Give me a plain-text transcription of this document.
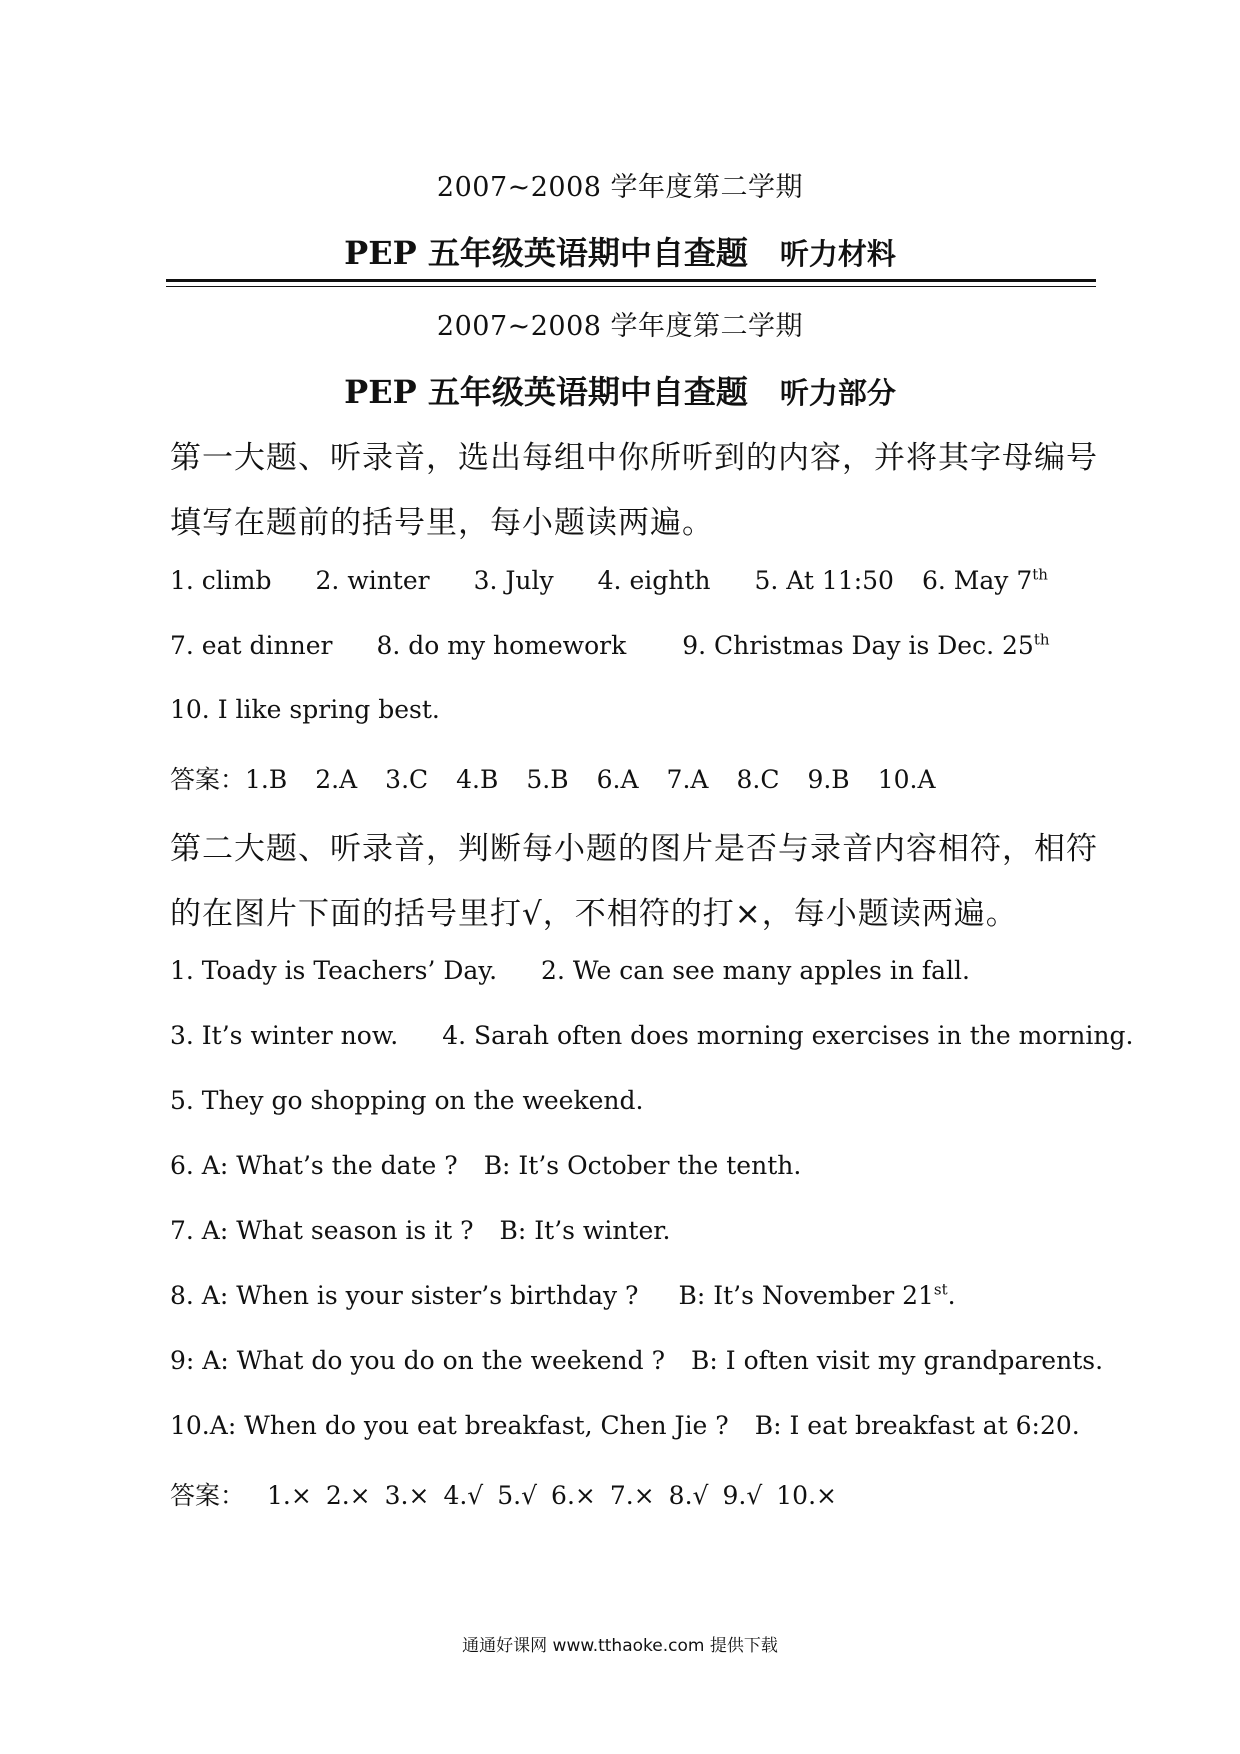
2007~2008 学年度第二学期
PEP 五年级英语期中自查题 听力材料
2007~2008 学年度第二学期
PEP 五年级英语期中自查题 听力部分
第一大题、听录音，选出每组中你所听到的内容，并将其字母编号
填写在题前的括号里，每小题读两遍。
1. climb 2. winter 3. July 4. eighth 5. At 11:50 6. May 7th
7. eat dinner 8. do my homework 9. Christmas Day is Dec. 25th
10. I like spring best.
答案：1.B 2.A 3.C 4.B 5.B 6.A 7.A 8.C 9.B 10.A
第二大题、听录音，判断每小题的图片是否与录音内容相符，相符
的在图片下面的括号里打√，不相符的打×，每小题读两遍。
1. Toady is Teachers’ Day. 2. We can see many apples in fall.
3. It’s winter now. 4. Sarah often does morning exercises in the morning.
5. They go shopping on the weekend.
6. A: What’s the date ? B: It’s October the tenth.
7. A: What season is it ? B: It’s winter.
8. A: When is your sister’s birthday ? B: It’s November 21st.
9: A: What do you do on the weekend ? B: I often visit my grandparents.
10.A: When do you eat breakfast, Chen Jie ? B: I eat breakfast at 6:20.
答案： 1.× 2.× 3.× 4.√ 5.√ 6.× 7.× 8.√ 9.√ 10.×
通通好课网 www.tthaoke.com 提供下载
